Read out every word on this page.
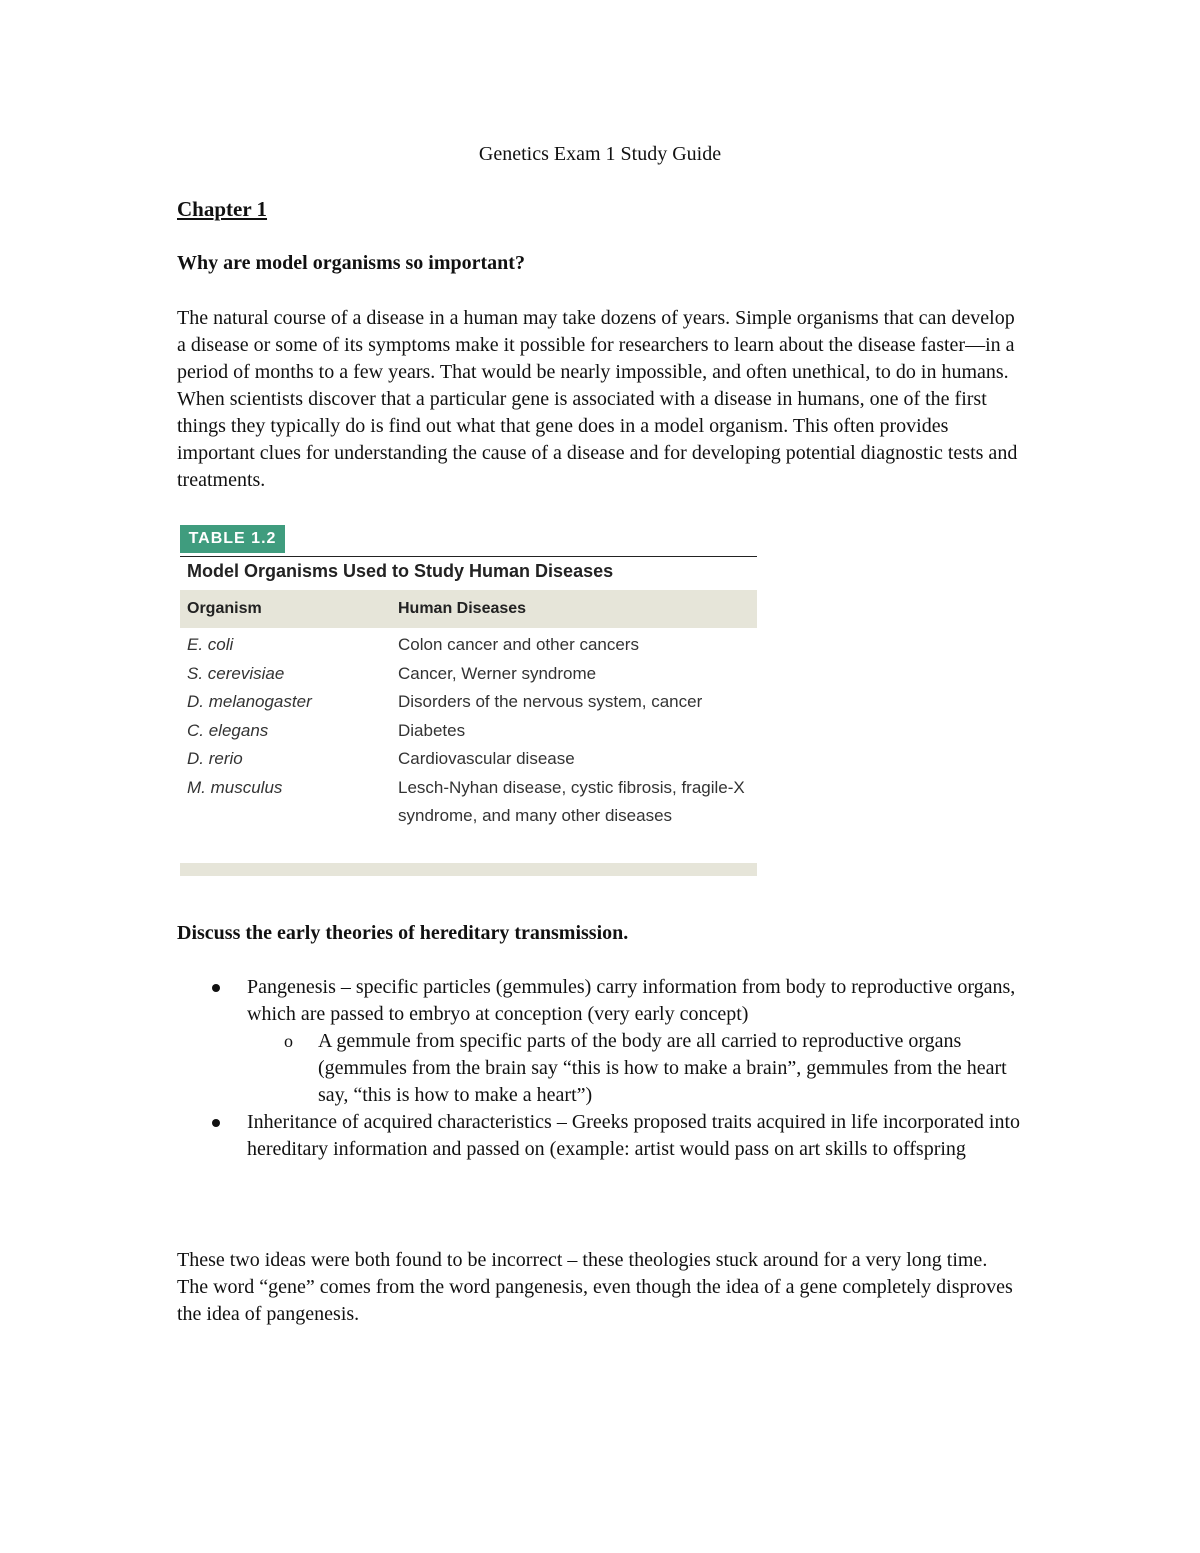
Genetics Exam 1 Study Guide
Chapter 1
Why are model organisms so important?
The natural course of a disease in a human may take dozens of years. Simple organisms that can develop a disease or some of its symptoms make it possible for researchers to learn about the disease faster—in a period of months to a few years. That would be nearly impossible, and often unethical, to do in humans. When scientists discover that a particular gene is associated with a disease in humans, one of the first things they typically do is find out what that gene does in a model organism. This often provides important clues for understanding the cause of a disease and for developing potential diagnostic tests and treatments.
Discuss the early theories of hereditary transmission.
Pangenesis – specific particles (gemmules) carry information from body to reproductive organs, which are passed to embryo at conception (very early concept)
o A gemmule from specific parts of the body are all carried to reproductive organs (gemmules from the brain say “this is how to make a brain”, gemmules from the heart say, “this is how to make a heart”)
Inheritance of acquired characteristics – Greeks proposed traits acquired in life incorporated into hereditary information and passed on (example: artist would pass on art skills to offspring
These two ideas were both found to be incorrect – these theologies stuck around for a very long time.
The word “gene” comes from the word pangenesis, even though the idea of a gene completely disproves the idea of pangenesis.
TABLE 1.2
Model Organisms Used to Study Human Diseases
Organism	Human Diseases
E. coli	Colon cancer and other cancers
S. cerevisiae	Cancer, Werner syndrome
D. melanogaster	Disorders of the nervous system, cancer
C. elegans	Diabetes
D. rerio	Cardiovascular disease
M. musculus	Lesch-Nyhan disease, cystic fibrosis, fragile-X syndrome, and many other diseases
